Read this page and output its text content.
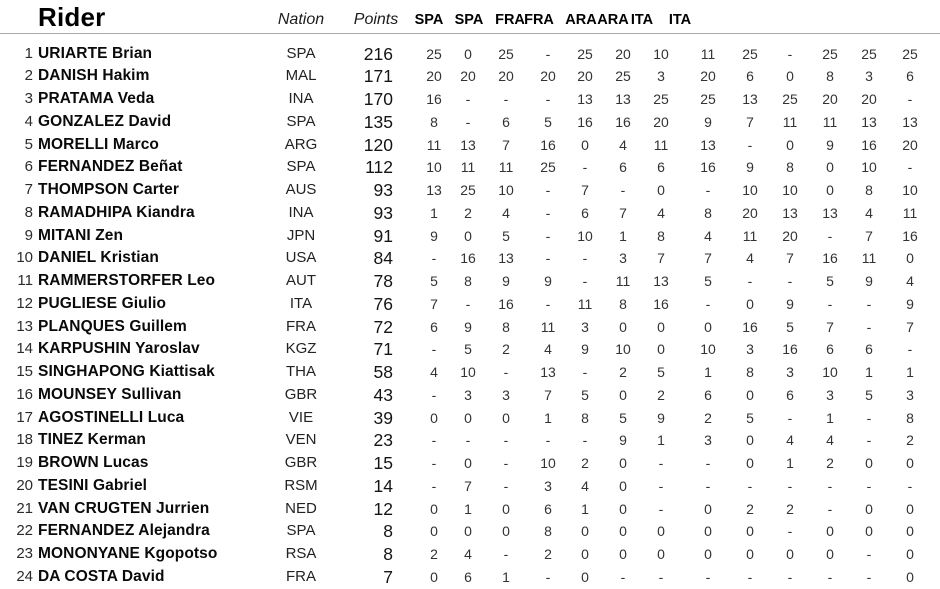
Rider	Nation Points SPA SPA FRA FRA ARA ARA ITA ITA
1 URIARTE Brian	SPA	216	25	0	25	-	25	20	10	11	25	-	25	25	25
2 DANISH Hakim	MAL	171	20	20	20	20	20	25	3	20	6	0	8	3	6
3 PRATAMA Veda	INA	170	16	-	-	-	13	13	25	25	13	25	20	20	-
4 GONZALEZ David	SPA	135	8	-	6	5	16	16	20	9	7	11	11	13	13
5 MORELLI Marco	ARG	120	11	13	7	16	0	4	11	13	-	0	9	16	20
6 FERNANDEZ Beñat	SPA	112	10	11	11	25	-	6	6	16	9	8	0	10	-
7 THOMPSON Carter	AUS	93	13	25	10	-	7	-	0	-	10	10	0	8	10
8 RAMADHIPA Kiandra	INA	93	1	2	4	-	6	7	4	8	20	13	13	4	11
9 MITANI Zen	JPN	91	9	0	5	-	10	1	8	4	11	20	-	7	16
10 DANIEL Kristian	USA	84	-	16	13	-	-	3	7	7	4	7	16	11	0
11 RAMMERSTORFER Leo	AUT	78	5	8	9	9	-	11	13	5	-	-	5	9	4
12 PUGLIESE Giulio	ITA	76	7	-	16	-	11	8	16	-	0	9	-	-	9
13 PLANQUES Guillem	FRA	72	6	9	8	11	3	0	0	0	16	5	7	-	7
14 KARPUSHIN Yaroslav	KGZ	71	-	5	2	4	9	10	0	10	3	16	6	6	-
15 SINGHAPONG Kiattisak	THA	58	4	10	-	13	-	2	5	1	8	3	10	1	1
16 MOUNSEY Sullivan	GBR	43	-	3	3	7	5	0	2	6	0	6	3	5	3
17 AGOSTINELLI Luca	VIE	39	0	0	0	1	8	5	9	2	5	-	1	-	8
18 TINEZ Kerman	VEN	23	-	-	-	-	-	9	1	3	0	4	4	-	2
19 BROWN Lucas	GBR	15	-	0	-	10	2	0	-	-	0	1	2	0	0
20 TESINI Gabriel	RSM	14	-	7	-	3	4	0	-	-	-	-	-	-	-
21 VAN CRUGTEN Jurrien	NED	12	0	1	0	6	1	0	-	0	2	2	-	0	0
22 FERNANDEZ Alejandra	SPA	8	0	0	0	8	0	0	0	0	0	-	0	0	0
23 MONONYANE Kgopotso	RSA	8	2	4	-	2	0	0	0	0	0	0	0	-	0
24 DA COSTA David	FRA	7	0	6	1	-	0	-	-	-	-	-	-	-	0
